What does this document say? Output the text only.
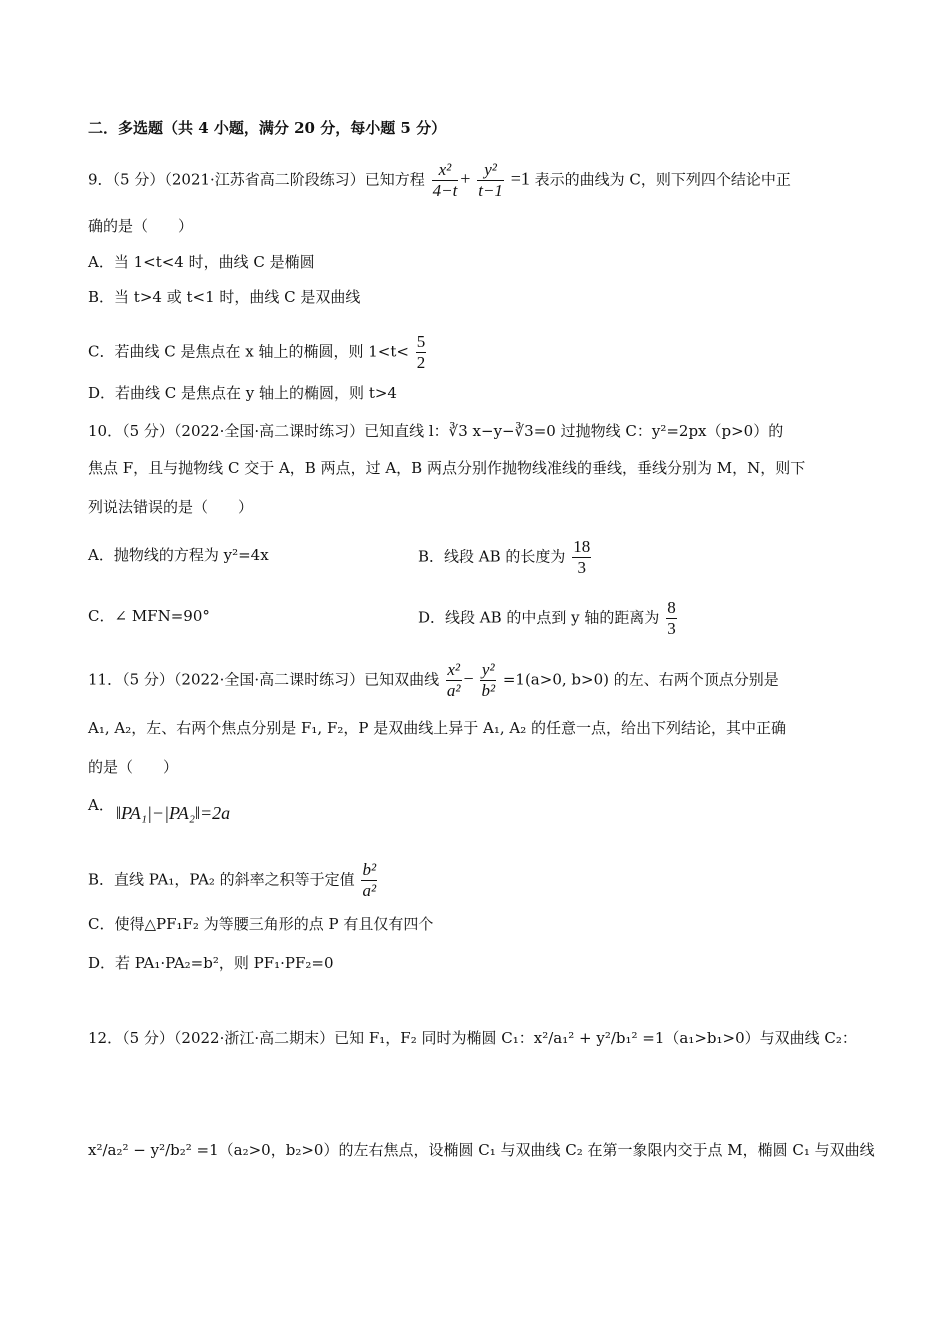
二．多选题（共 4 小题，满分 20 分，每小题 5 分）
9．（5 分）（2021·江苏省高二阶段练习）已知方程 $\frac{\text{x²}}{4-t} + \frac{\text{y²}}{t-1} =1$ 表示的曲线为 C，则下列四个结论中正
确的是（　　）
A．当 1<t<4 时，曲线 C 是椭圆
B．当 t>4 或 t<1 时，曲线 C 是双曲线
C．若曲线 C 是焦点在 x 轴上的椭圆，则 $1<t< \frac{5}{2}$
D．若曲线 C 是焦点在 y 轴上的椭圆，则 t>4
10．（5 分）（2022·全国·高二课时练习）已知直线 l：∛3 x−y−∛3=0 过抛物线 C：y²=2px（p>0）的
焦点 F，且与抛物线 C 交于 A，B 两点，过 A，B 两点分别作抛物线准线的垂线，垂线分别为 M，N，则下
列说法错误的是（　　）
A．抛物线的方程为 y²=4x	B．线段 AB 的长度为 $\frac{18}{3}$
C．∠ MFN=90°	D．线段 AB 的中点到 y 轴的距离为 $\frac{8}{3}$
11．（5 分）（2022·全国·高二课时练习）已知双曲线 $\frac{\text{x²}}{\text{a²}} - \frac{\text{y²}}{\text{b²}} =1(a>0$, b>0) 的左、右两个顶点分别是
A₁, A₂，左、右两个焦点分别是 F₁, F₂，P 是双曲线上异于 A₁, A₂ 的任意一点，给出下列结论，其中正确
的是（　　）
A． ‖PA₁|−|PA₂‖=2a
B．直线 PA₁，PA₂ 的斜率之积等于定值 $\frac{\text{b²}}{\text{a²}}$
C．使得△PF₁F₂ 为等腰三角形的点 P 有且仅有四个
D．若 PA₁·PA₂=b²，则 PF₁·PF₂=0
12．（5 分）（2022·浙江·高二期末）已知 F₁，F₂ 同时为椭圆 C₁：x²/a₁² + y²/b₁² =1（a₁>b₁>0）与双曲线 C₂：
x²/a₂² − y²/b₂² =1（a₂>0，b₂>0）的左右焦点，设椭圆 C₁ 与双曲线 C₂ 在第一象限内交于点 M，椭圆 C₁ 与双曲线
